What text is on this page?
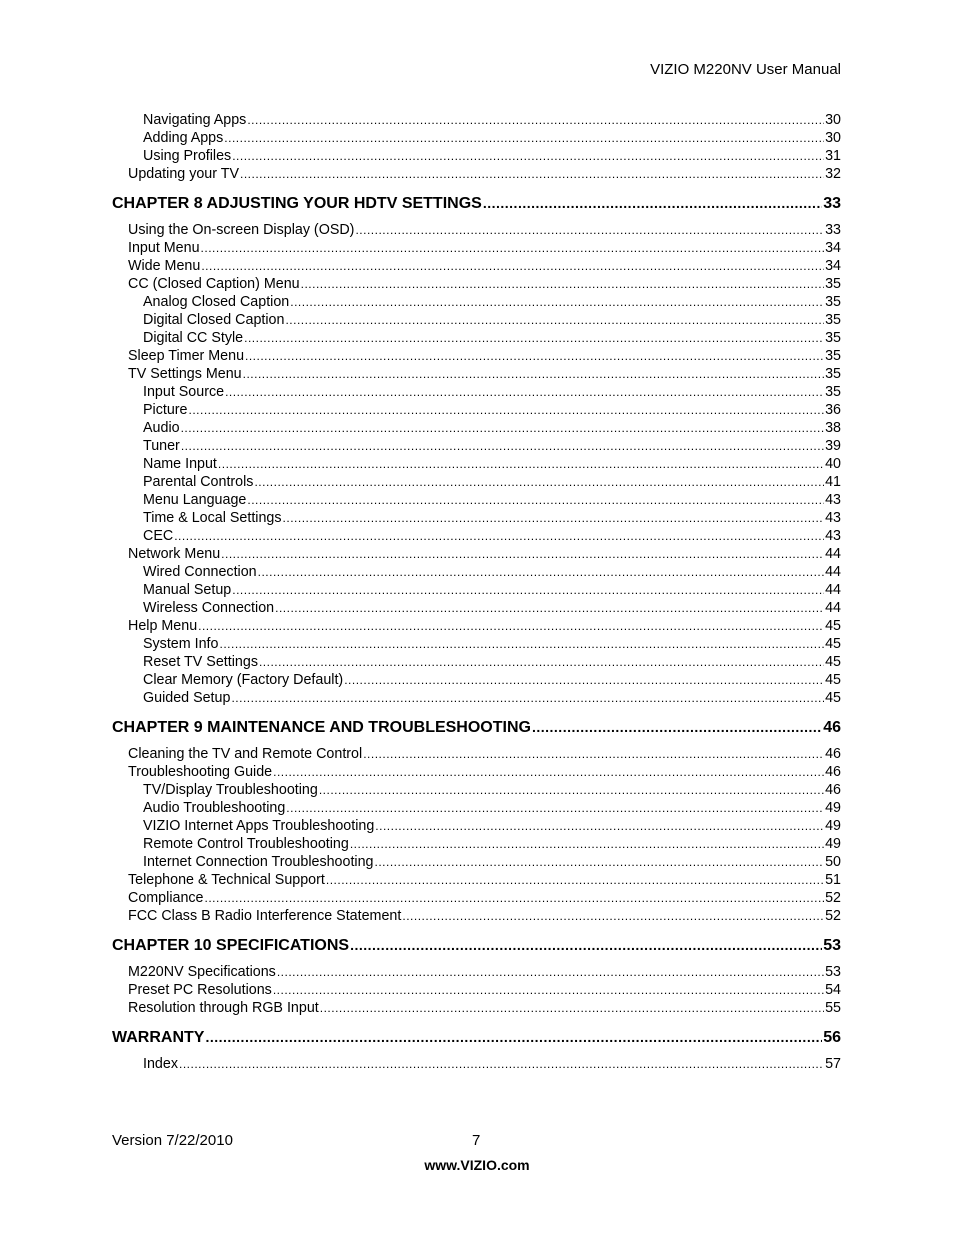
VIZIO M220NV User Manual
Navigating Apps .....	30
Adding Apps .....	30
Using Profiles .....	31
Updating your TV .....	32
CHAPTER 8 ADJUSTING YOUR HDTV SETTINGS .....	33
Using the On-screen Display (OSD) .....	33
Input Menu .....	34
Wide Menu .....	34
CC (Closed Caption) Menu .....	35
Analog Closed Caption .....	35
Digital Closed Caption .....	35
Digital CC Style .....	35
Sleep Timer Menu .....	35
TV Settings Menu .....	35
Input Source .....	35
Picture .....	36
Audio .....	38
Tuner .....	39
Name Input .....	40
Parental Controls .....	41
Menu Language .....	43
Time & Local Settings .....	43
CEC .....	43
Network Menu .....	44
Wired Connection .....	44
Manual Setup .....	44
Wireless Connection .....	44
Help Menu .....	45
System Info .....	45
Reset TV Settings .....	45
Clear Memory (Factory Default) .....	45
Guided Setup .....	45
CHAPTER 9 MAINTENANCE AND TROUBLESHOOTING .....	46
Cleaning the TV and Remote Control .....	46
Troubleshooting Guide .....	46
TV/Display Troubleshooting .....	46
Audio Troubleshooting .....	49
VIZIO Internet Apps Troubleshooting .....	49
Remote Control Troubleshooting .....	49
Internet Connection Troubleshooting .....	50
Telephone & Technical Support .....	51
Compliance .....	52
FCC Class B Radio Interference Statement .....	52
CHAPTER 10 SPECIFICATIONS .....	53
M220NV Specifications .....	53
Preset PC Resolutions .....	54
Resolution through RGB Input .....	55
WARRANTY .....	56
Index .....	57
Version 7/22/2010	7
www.VIZIO.com
